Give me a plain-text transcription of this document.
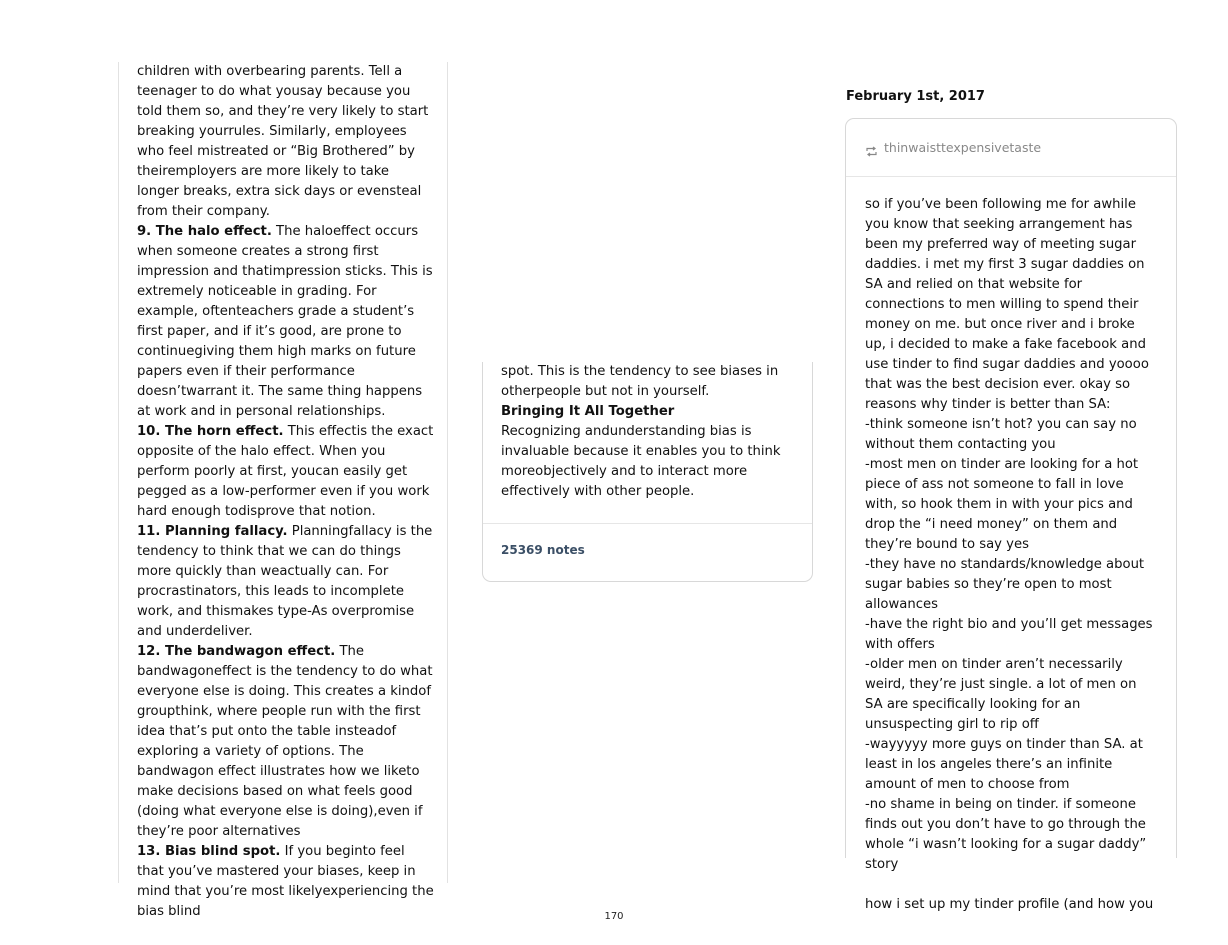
children with overbearing parents. Tell a teenager to do what yousay because you told them so, and they’re very likely to start breaking yourrules. Similarly, employees who feel mistreated or “Big Brothered” by theiremployers are more likely to take longer breaks, extra sick days or evensteal from their company.

9. The halo effect. The haloeffect occurs when someone creates a strong first impression and thatimpression sticks. This is extremely noticeable in grading. For example, oftenteachers grade a student’s first paper, and if it’s good, are prone to continuegiving them high marks on future papers even if their performance doesn’twarrant it. The same thing happens at work and in personal relationships.

10. The horn effect. This effectis the exact opposite of the halo effect. When you perform poorly at first, youcan easily get pegged as a low-performer even if you work hard enough todisprove that notion.

11. Planning fallacy. Planningfallacy is the tendency to think that we can do things more quickly than weactually can. For procrastinators, this leads to incomplete work, and thismakes type-As overpromise and underdeliver.

12. The bandwagon effect. The bandwagoneffect is the tendency to do what everyone else is doing. This creates a kindof groupthink, where people run with the first idea that’s put onto the table insteadof exploring a variety of options. The bandwagon effect illustrates how we liketo make decisions based on what feels good (doing what everyone else is doing),even if they’re poor alternatives

13. Bias blind spot. If you beginto feel that you’ve mastered your biases, keep in mind that you’re most likelyexperiencing the bias blind

spot. This is the tendency to see biases in otherpeople but not in yourself.

Bringing It All Together

Recognizing andunderstanding bias is invaluable because it enables you to think moreobjectively and to interact more effectively with other people.

25369 notes
February 1st, 2017
thinwaisttexpensivetaste

so if you’ve been following me for awhile you know that seeking arrangement has been my preferred way of meeting sugar daddies. i met my first 3 sugar daddies on SA and relied on that website for connections to men willing to spend their money on me. but once river and i broke up, i decided to make a fake facebook and use tinder to find sugar daddies and yoooo that was the best decision ever. okay so reasons why tinder is better than SA:

-think someone isn’t hot? you can say no without them contacting you

-most men on tinder are looking for a hot piece of ass not someone to fall in love with, so hook them in with your pics and drop the “i need money” on them and they’re bound to say yes

-they have no standards/knowledge about sugar babies so they’re open to most allowances

-have the right bio and you’ll get messages with offers

-older men on tinder aren’t necessarily weird, they’re just single. a lot of men on SA are specifically looking for an unsuspecting girl to rip off

-wayyyyy more guys on tinder than SA. at least in los angeles there’s an infinite amount of men to choose from

-no shame in being on tinder. if someone finds out you don’t have to go through the whole “i wasn’t looking for a sugar daddy” story

how i set up my tinder profile (and how you

170
